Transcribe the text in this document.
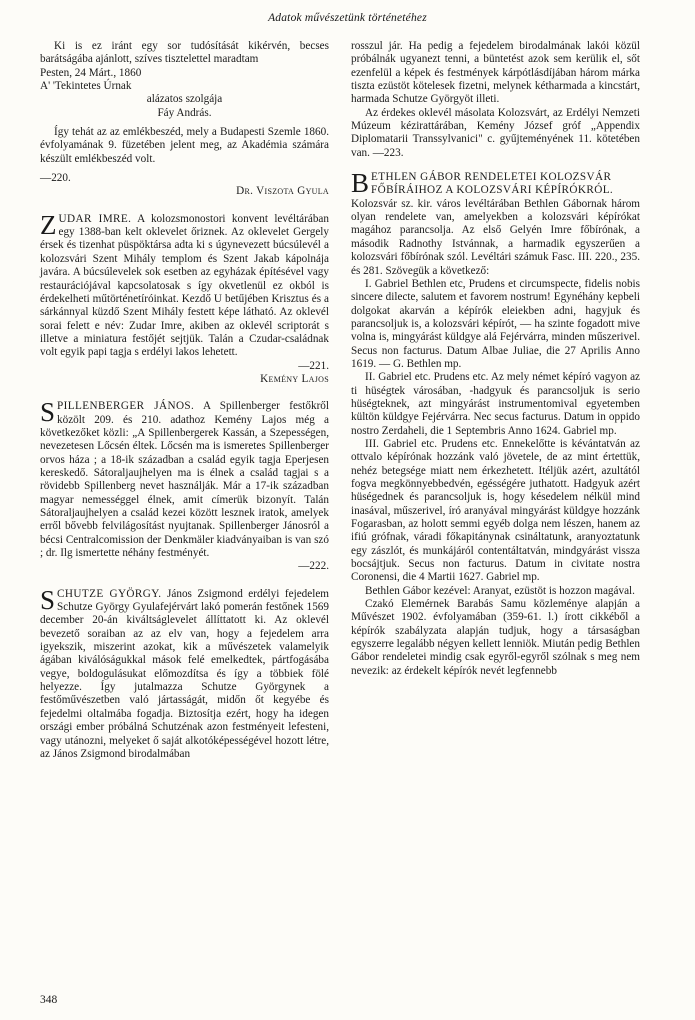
Adatok művészetünk történetéhez

Ki is ez iránt egy sor tudósítását kikérvén, becses barátságába ajánlott, szíves tisztelettel maradtam

Pesten, 24 Márt., 1860

A' 'Tekintetes Úrnak

alázatos szolgája

Fáy András.

Így tehát az az emlékbeszéd, mely a Budapesti Szemle 1860. évfolyamának 9. füzetében jelent meg, az Akadémia számára készült emlékbeszéd volt.

—220.

Dr. Viszota Gyula

ZUDAR IMRE. A kolozsmonostori konvent levéltárában egy 1388-ban kelt oklevelet őriznek. Az oklevelet Gergely érsek és tizenhat püspöktársa adta ki s úgynevezett búcsúlevél a kolozsvári Szent Mihály templom és Szent Jakab kápolnája javára. A búcsúlevelek sok esetben az egyházak építésével vagy restaurációjával kapcsolatosak s így okvetlenül ez okból is érdekelheti műtörténetíróinkat. Kezdő U betűjében Krisztus és a sárkánnyal küzdő Szent Mihály festett képe látható. Az oklevél sorai felett e név: Zudar Imre, akiben az oklevél scriptorát s illetve a miniatura festőjét sejtjük. Talán a Czudar-családnak volt egyik papi tagja s erdélyi lakos lehetett.

—221.

Kemény Lajos

SPILLENBERGER JÁNOS. A Spillenberger festőkről közölt 209. és 210. adathoz Kemény Lajos még a következőket közli: „A Spillenbergerek Kassán, a Szepességen, nevezetesen Lőcsén éltek. Lőcsén ma is ismeretes Spillenberger orvos háza ; a 18-ik században a család egyik tagja Eperjesen kereskedő. Sátoraljaujhelyen ma is élnek a család tagjai s a rövidebb Spillenberg nevet használják. Már a 17-ik században magyar nemességgel élnek, amit címerük bizonyít. Talán Sátoraljaujhelyen a család kezei között lesznek iratok, amelyek erről bővebb felvilágosítást nyujtanak. Spillenberger Jánosról a bécsi Centralcomission der Denkmäler kiadványaiban is van szó ; dr. Ilg ismertette néhány festményét.

—222.

SCHUTZE GYÖRGY. János Zsigmond erdélyi fejedelem Schutze György Gyulafejérvárt lakó pomerán festőnek 1569 december 20-án kiváltságlevelet állíttatott ki. Az oklevél bevezető soraiban az az elv van, hogy a fejedelem arra igyekszik, miszerint azokat, kik a művészetek valamelyik ágában kiválóságukkal mások felé emelkedtek, pártfogásába vegye, boldogulásukat előmozdítsa és így a többiek fölé helyezze. Így jutalmazza Schutze Györgynek a festőművészetben való jártasságát, midőn őt kegyébe és fejedelmi oltalmába fogadja. Biztosítja ezért, hogy ha idegen országi ember próbálná Schutzénak azon festményeit lefesteni, vagy utánozni, melyeket ő saját alkotóképességével hozott létre, az János Zsigmond birodalmában

rosszul jár. Ha pedig a fejedelem birodalmának lakói közül próbálnák ugyanezt tenni, a büntetést azok sem kerülik el, sőt ezenfelül a képek és festmények kárpótlásdíjában három márka tiszta ezüstöt kötelesek fizetni, melynek kétharmada a kincstárt, harmada Schutze Györgyöt illeti.

Az érdekes oklevél másolata Kolozsvárt, az Erdélyi Nemzeti Múzeum kézirattárában, Kemény József gróf „Appendix Diplomatarii Transsylvanici" c. gyűjteményének 11. kötetében van. —223.

BETHLEN GÁBOR RENDELETEI KOLOZSVÁR
FŐBÍRÁIHOZ A KOLOZSVÁRI KÉPÍRÓKRÓL.

Kolozsvár sz. kir. város levéltárában Bethlen Gábornak három olyan rendelete van, amelyekben a kolozsvári képírókat magához parancsolja. Az első Gelyén Imre főbírónak, a második Radnothy Istvánnak, a harmadik egyszerűen a kolozsvári főbírónak szól. Levéltári számuk Fasc. III. 220., 235. és 281. Szövegük a következő:

I. Gabriel Bethlen etc, Prudens et circumspecte, fidelis nobis sincere dilecte, salutem et favorem nostrum! Egynéhány kepbeli dolgokat akarván a képírók eleiekben adni, hagyjuk és parancsoljuk is, a kolozsvári képírót, — ha szinte fogadott mive volna is, mingyárást küldgye alá Fejérvárra, minden műszerivel. Secus non facturus. Datum Albae Juliae, die 27 Aprilis Anno 1619. — G. Bethlen mp.

II. Gabriel etc. Prudens etc. Az mely német képíró vagyon az ti hüségtek városában, -hadgyuk és parancsoljuk is serio hüségteknek, azt mingyárást instrumentomival egyetemben kültön küldgye Fejérvárra. Nec secus facturus. Datum in oppido nostro Zerdaheli, die 1 Septembris Anno 1624. Gabriel mp.

III. Gabriel etc. Prudens etc. Ennekelőtte is kévántatván az ottvalo képírónak hozzánk való jövetele, de az mint értettük, nehéz betegsége miatt nem érkezhetett. Itéljük azért, azultától fogva megkönnyebbedvén, egésségére juthatott. Hadgyuk azért hüségednek és parancsoljuk is, hogy késedelem nélkül mind inasával, műszerivel, író aranyával mingyárást küldgye hozzánk Fogarasban, az holott semmi egyéb dolga nem lészen, hanem az ifiú grófnak, váradi főkapitánynak csináltatunk, aranyoztatunk egy zászlót, és munkájáról contentáltatván, mindgyárást vissza bocsájtjuk. Secus non facturus. Datum in civitate nostra Coronensi, die 4 Martii 1627. Gabriel mp.

Bethlen Gábor kezével: Aranyat, ezüstöt is hozzon magával.

Czakó Elemérnek Barabás Samu közleménye alapján a Művészet 1902. évfolyamában (359-61. l.) írott cikkéből a képírók szabályzata alapján tudjuk, hogy a társaságban egyszerre legalább négyen kellett lenniök. Miután pedig Bethlen Gábor rendeletei mindig csak egyről-egyről szólnak s meg nem nevezik: az érdekelt képírók nevét legfennebb

348
